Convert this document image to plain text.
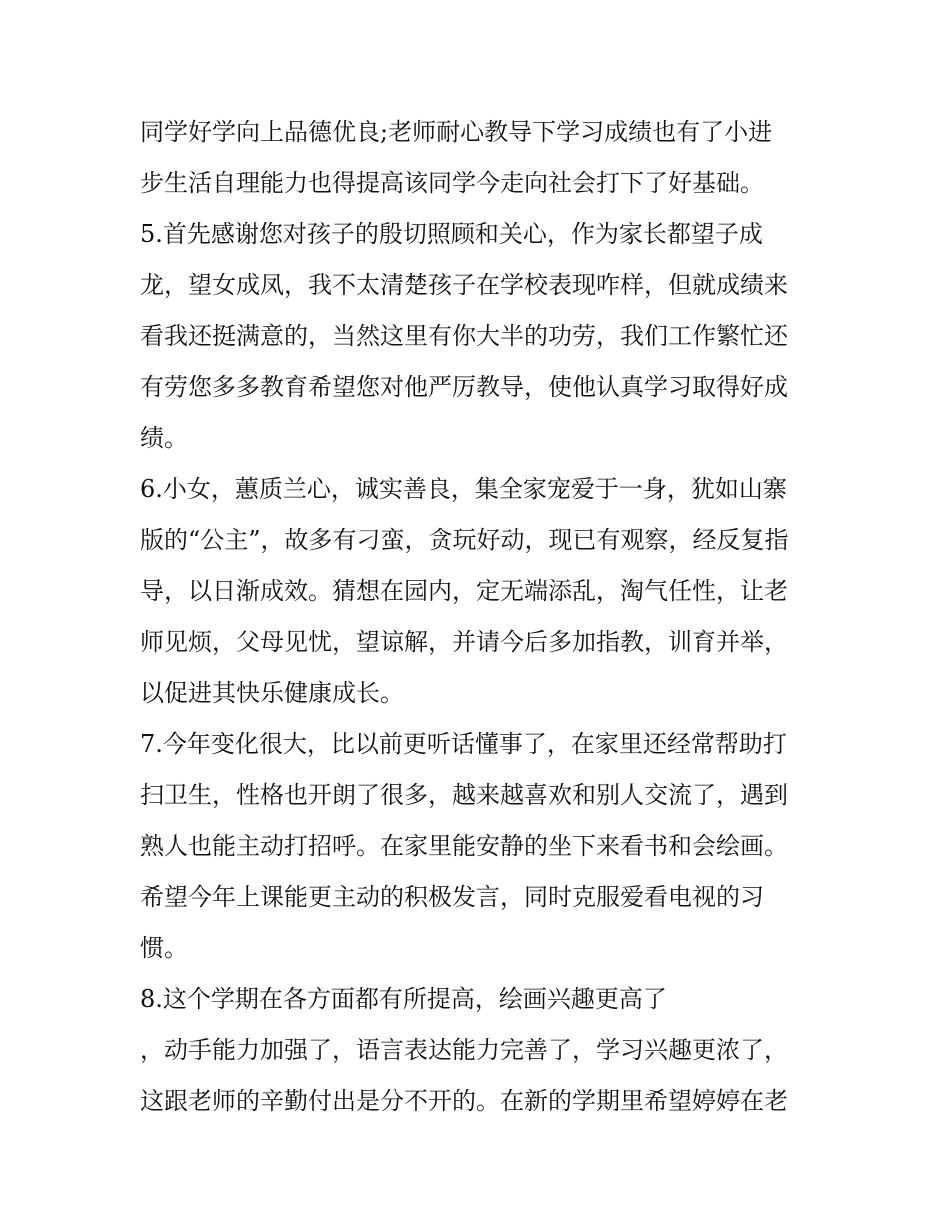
同学好学向上品德优良;老师耐心教导下学习成绩也有了小进
步生活自理能力也得提高该同学今走向社会打下了好基础。
5.首先感谢您对孩子的殷切照顾和关心，作为家长都望子成
龙，望女成凤，我不太清楚孩子在学校表现咋样，但就成绩来
看我还挺满意的，当然这里有你大半的功劳，我们工作繁忙还
有劳您多多教育希望您对他严厉教导，使他认真学习取得好成
绩。
6.小女，蕙质兰心，诚实善良，集全家宠爱于一身，犹如山寨
版的“公主”，故多有刁蛮，贪玩好动，现已有观察，经反复指
导，以日渐成效。猜想在园内，定无端添乱，淘气任性，让老
师见烦，父母见忧，望谅解，并请今后多加指教，训育并举，
以促进其快乐健康成长。
7.今年变化很大，比以前更听话懂事了，在家里还经常帮助打
扫卫生，性格也开朗了很多，越来越喜欢和别人交流了，遇到
熟人也能主动打招呼。在家里能安静的坐下来看书和会绘画。
希望今年上课能更主动的积极发言，同时克服爱看电视的习
惯。
8.这个学期在各方面都有所提高，绘画兴趣更高了
，动手能力加强了，语言表达能力完善了，学习兴趣更浓了，
这跟老师的辛勤付出是分不开的。在新的学期里希望婷婷在老
